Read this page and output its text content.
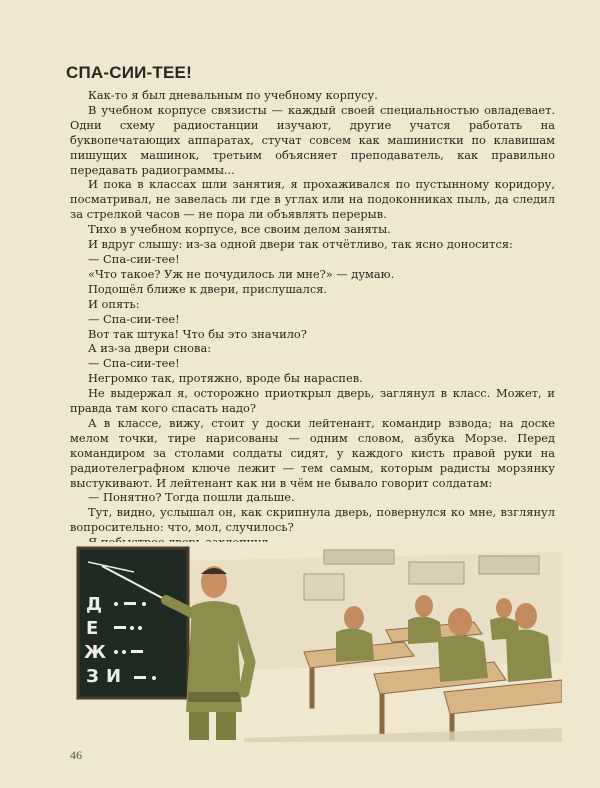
СПА-СИИ-ТЕЕ!

Как-то я был дневальным по учебному корпусу.

В учебном корпусе связисты — каждый своей специальностью овладевает. Одни схему радиостанции изучают, другие учатся работать на буквопечатающих аппаратах, стучат совсем как машинистки по клавишам пишущих машинок, третьим объясняет преподаватель, как правильно передавать радиограммы...

И пока в классах шли занятия, я прохаживался по пустынному коридору, посматривал, не завелась ли где в углах или на подоконниках пыль, да следил за стрелкой часов — не пора ли объявлять перерыв.

Тихо в учебном корпусе, все своим делом заняты.

И вдруг слышу: из-за одной двери так отчётливо, так ясно доносится:

— Спа-сии-тее!

«Что такое? Уж не почудилось ли мне?» — думаю.

Подошёл ближе к двери, прислушался.

И опять:

— Спа-сии-тее!

Вот так штука! Что бы это значило?

А из-за двери снова:

— Спа-сии-тее!

Негромко так, протяжно, вроде бы нараспев.

Не выдержал я, осторожно приоткрыл дверь, заглянул в класс. Может, и правда там кого спасать надо?

А в классе, вижу, стоит у доски лейтенант, командир взвода; на доске мелом точки, тире нарисованы — одним словом, азбука Морзе. Перед командиром за столами солдаты сидят, у каждого кисть правой руки на радиотелеграфном ключе лежит — тем самым, которым радисты морзянку выстукивают. И лейтенант как ни в чём не бывало говорит солдатам:

— Понятно? Тогда пошли дальше.

Тут, видно, услышал он, как скрипнула дверь, повернулся ко мне, взглянул вопросительно: что, мол, случилось?

Д
Е
Ж
З И
46
